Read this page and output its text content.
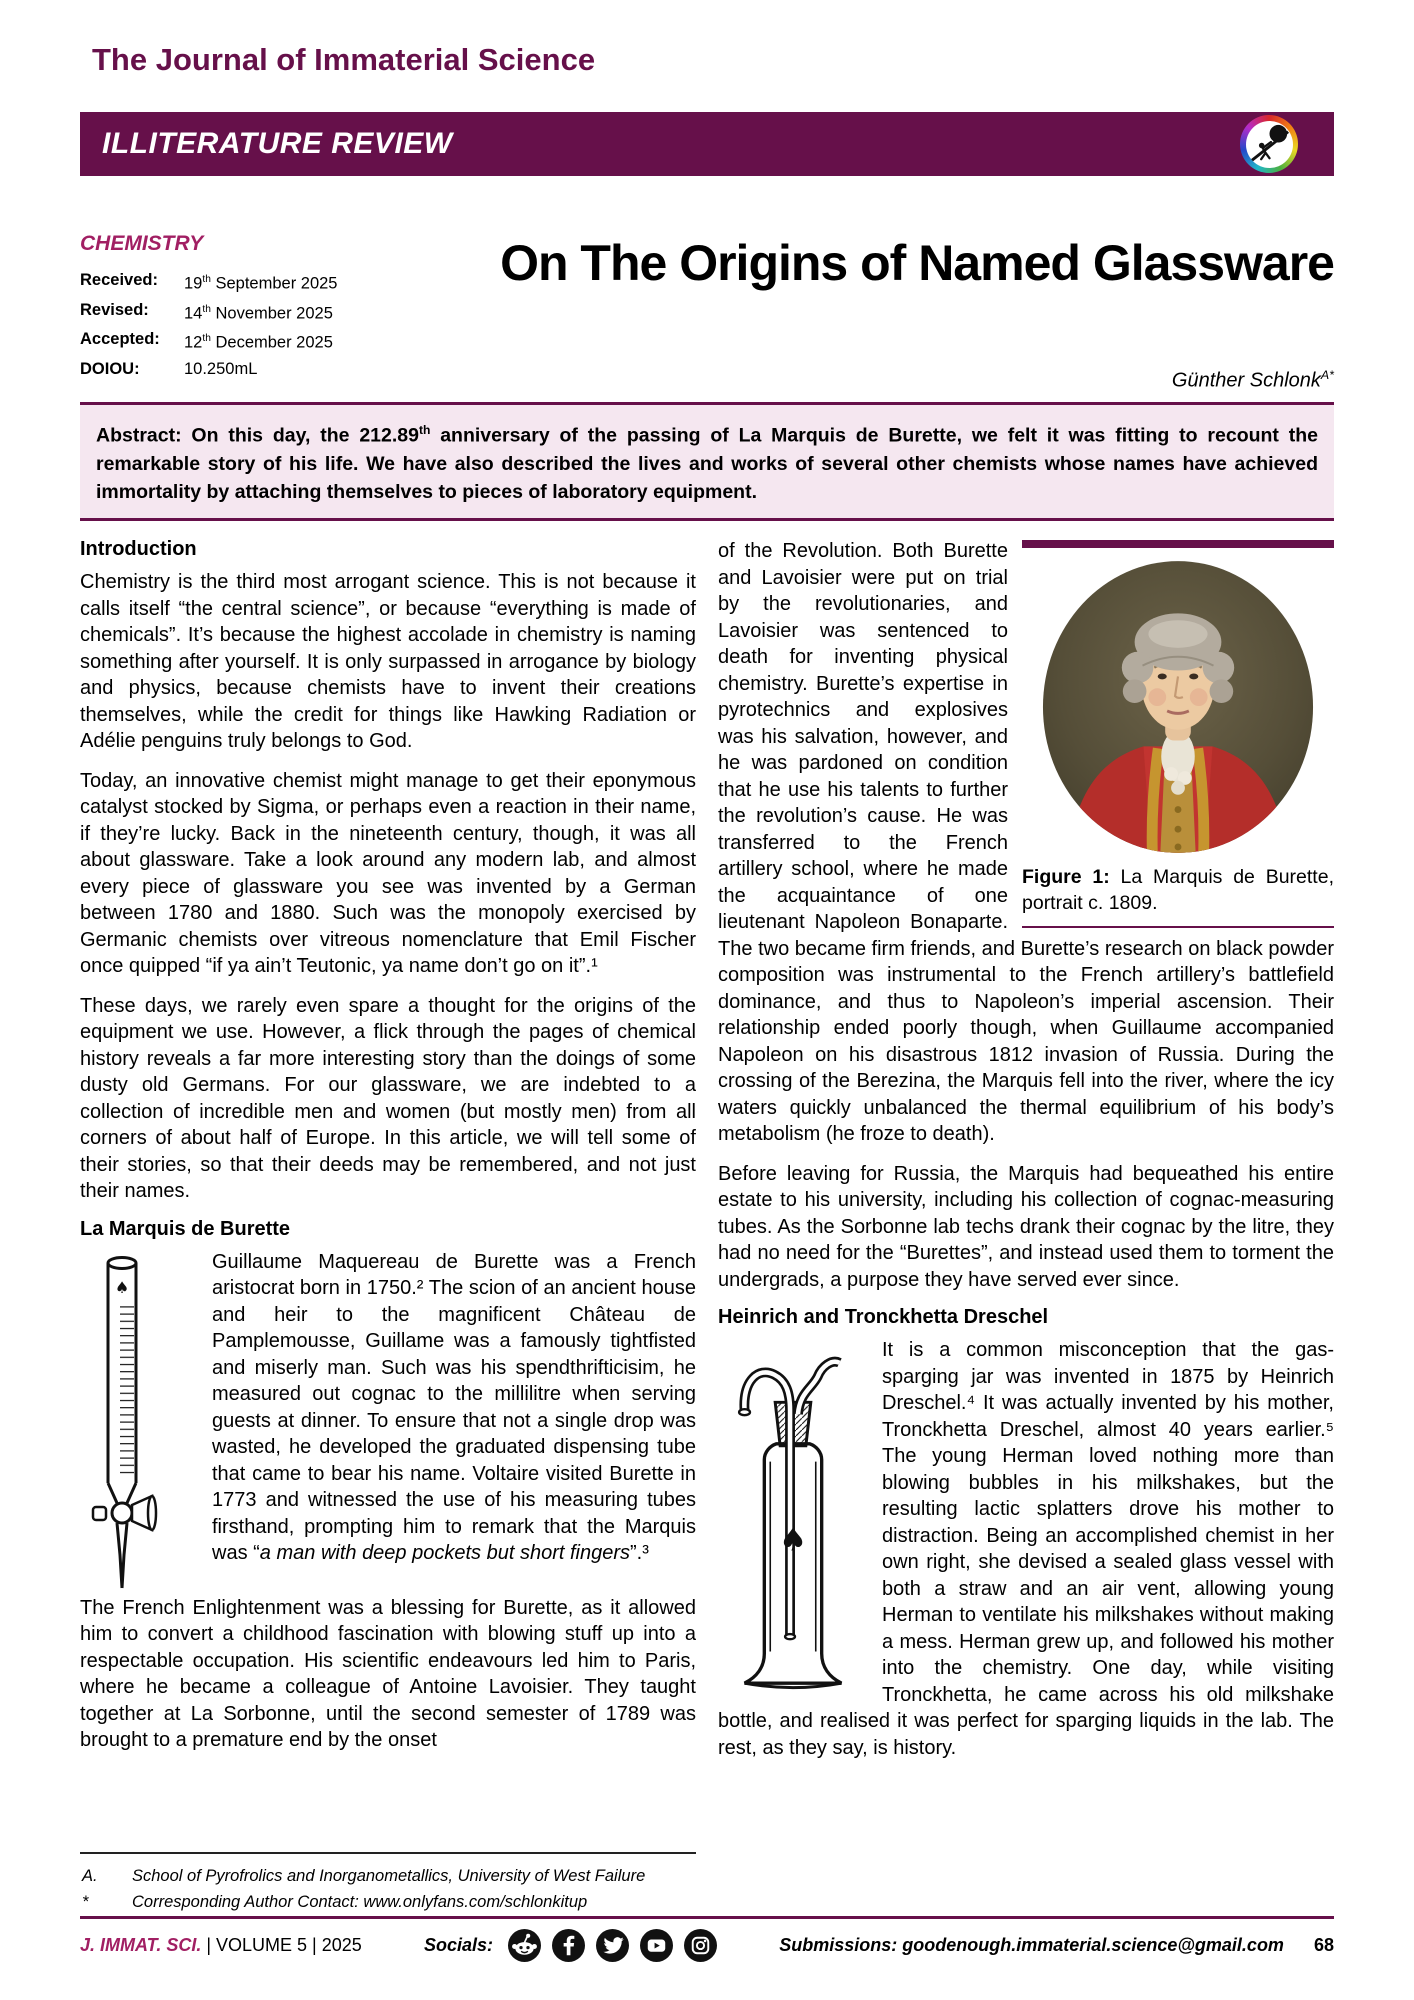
The Journal of Immaterial Science
ILLITERATURE REVIEW
CHEMISTRY
Received:	19th September 2025
Revised:	14th November 2025
Accepted:	12th December 2025
DOIOU:	10.250mL
On The Origins of Named Glassware
Günther Schlonk$^{A*}$
Abstract: On this day, the 212.89th anniversary of the passing of La Marquis de Burette, we felt it was fitting to recount the remarkable story of his life. We have also described the lives and works of several other chemists whose names have achieved immortality by attaching themselves to pieces of laboratory equipment.
Introduction

Chemistry is the third most arrogant science. This is not because it calls itself “the central science”, or because “everything is made of chemicals”. It’s because the highest accolade in chemistry is naming something after yourself. It is only surpassed in arrogance by biology and physics, because chemists have to invent their creations themselves, while the credit for things like Hawking Radiation or Adélie penguins truly belongs to God.

Today, an innovative chemist might manage to get their eponymous catalyst stocked by Sigma, or perhaps even a reaction in their name, if they’re lucky. Back in the nineteenth century, though, it was all about glassware. Take a look around any modern lab, and almost every piece of glassware you see was invented by a German between 1780 and 1880. Such was the monopoly exercised by Germanic chemists over vitreous nomenclature that Emil Fischer once quipped “if ya ain’t Teutonic, ya name don’t go on it”.¹

These days, we rarely even spare a thought for the origins of the equipment we use. However, a flick through the pages of chemical history reveals a far more interesting story than the doings of some dusty old Germans. For our glassware, we are indebted to a collection of incredible men and women (but mostly men) from all corners of about half of Europe. In this article, we will tell some of their stories, so that their deeds may be remembered, and not just their names.

La Marquis de Burette

♠
Guillaume Maquereau de Burette was a French aristocrat born in 1750.² The scion of an ancient house and heir to the magnificent Château de Pamplemousse, Guillame was a famously tightfisted and miserly man. Such was his spendthrifticisim, he measured out cognac to the millilitre when serving guests at dinner. To ensure that not a single drop was wasted, he developed the graduated dispensing tube that came to bear his name. Voltaire visited Burette in 1773 and witnessed the use of his measuring tubes firsthand, prompting him to remark that the Marquis was “a man with deep pockets but short fingers”.³

The French Enlightenment was a blessing for Burette, as it allowed him to convert a childhood fascination with blowing stuff up into a respectable occupation. His scientific endeavours led him to Paris, where he became a colleague of Antoine Lavoisier. They taught together at La Sorbonne, until the second semester of 1789 was brought to a premature end by the onset

Figure 1: La Marquis de Burette, portrait c. 1809.
of the Revolution. Both Burette and Lavoisier were put on trial by the revolutionaries, and Lavoisier was sentenced to death for inventing physical chemistry. Burette’s expertise in pyrotechnics and explosives was his salvation, however, and he was pardoned on condition that he use his talents to further the revolution’s cause. He was transferred to the French artillery school, where he made the acquaintance of one lieutenant Napoleon Bonaparte. The two became firm friends, and Burette’s research on black powder composition was instrumental to the French artillery’s battlefield dominance, and thus to Napoleon’s imperial ascension. Their relationship ended poorly though, when Guillaume accompanied Napoleon on his disastrous 1812 invasion of Russia. During the crossing of the Berezina, the Marquis fell into the river, where the icy waters quickly unbalanced the thermal equilibrium of his body’s metabolism (he froze to death).

Before leaving for Russia, the Marquis had bequeathed his entire estate to his university, including his collection of cognac-measuring tubes. As the Sorbonne lab techs drank their cognac by the litre, they had no need for the “Burettes”, and instead used them to torment the undergrads, a purpose they have served ever since.

Heinrich and Tronckhetta Dreschel

♠
It is a common misconception that the gas-sparging jar was invented in 1875 by Heinrich Dreschel.⁴ It was actually invented by his mother, Tronckhetta Dreschel, almost 40 years earlier.⁵ The young Herman loved nothing more than blowing bubbles in his milkshakes, but the resulting lactic splatters drove his mother to distraction. Being an accomplished chemist in her own right, she devised a sealed glass vessel with both a straw and an air vent, allowing young Herman to ventilate his milkshakes without making a mess. Herman grew up, and followed his mother into the chemistry. One day, while visiting Tronckhetta, he came across his old milkshake bottle, and realised it was perfect for sparging liquids in the lab. The rest, as they say, is history.

A.	School of Pyrofrolics and Inorganometallics, University of West Failure
*	Corresponding Author Contact: www.onlyfans.com/schlonkitup
J. IMMAT. SCI. | VOLUME 5 | 2025	Socials:	Submissions: goodenough.immaterial.science@gmail.com 68
